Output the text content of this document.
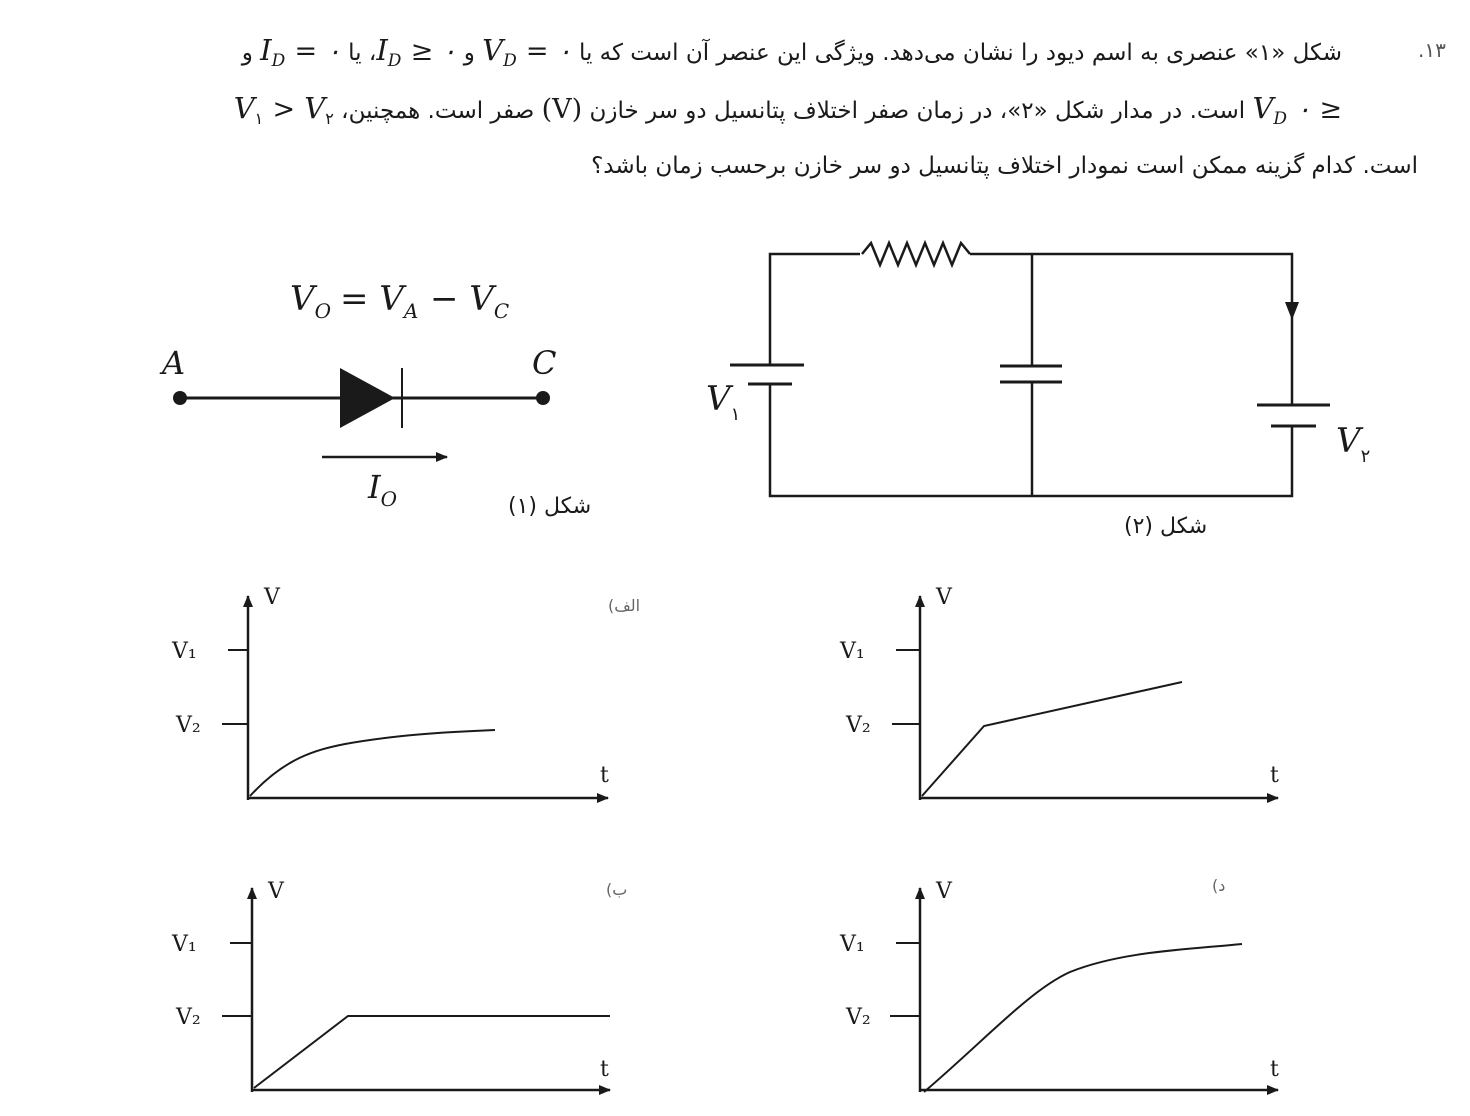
۱۳.
شکل «۱» عنصری به اسم دیود را نشان می‌دهد. ویژگی این عنصر آن است که یا $V_D$ = ۰ و $I_D$ ≥ ۰، یا $I_D$ = ۰ و
$V_D$ ۰ ≥ است. در مدار شکل «۲»، در زمان صفر اختلاف پتانسیل دو سر خازن (V) صفر است. همچنین، $V_۱ > V_۲$
است. کدام گزینه ممکن است نمودار اختلاف پتانسیل دو سر خازن برحسب زمان باشد؟
شکل (۱)
شکل (۲)
الف)
ب)	د)
$V_O = V_A - V_C$
A	C
$I_O$
$V_۱$
$V_۲$
V
t
V₁
V₂
V
t
V₁
V₂
V
t
V₁
V₂
V
t
V₁
V₂
